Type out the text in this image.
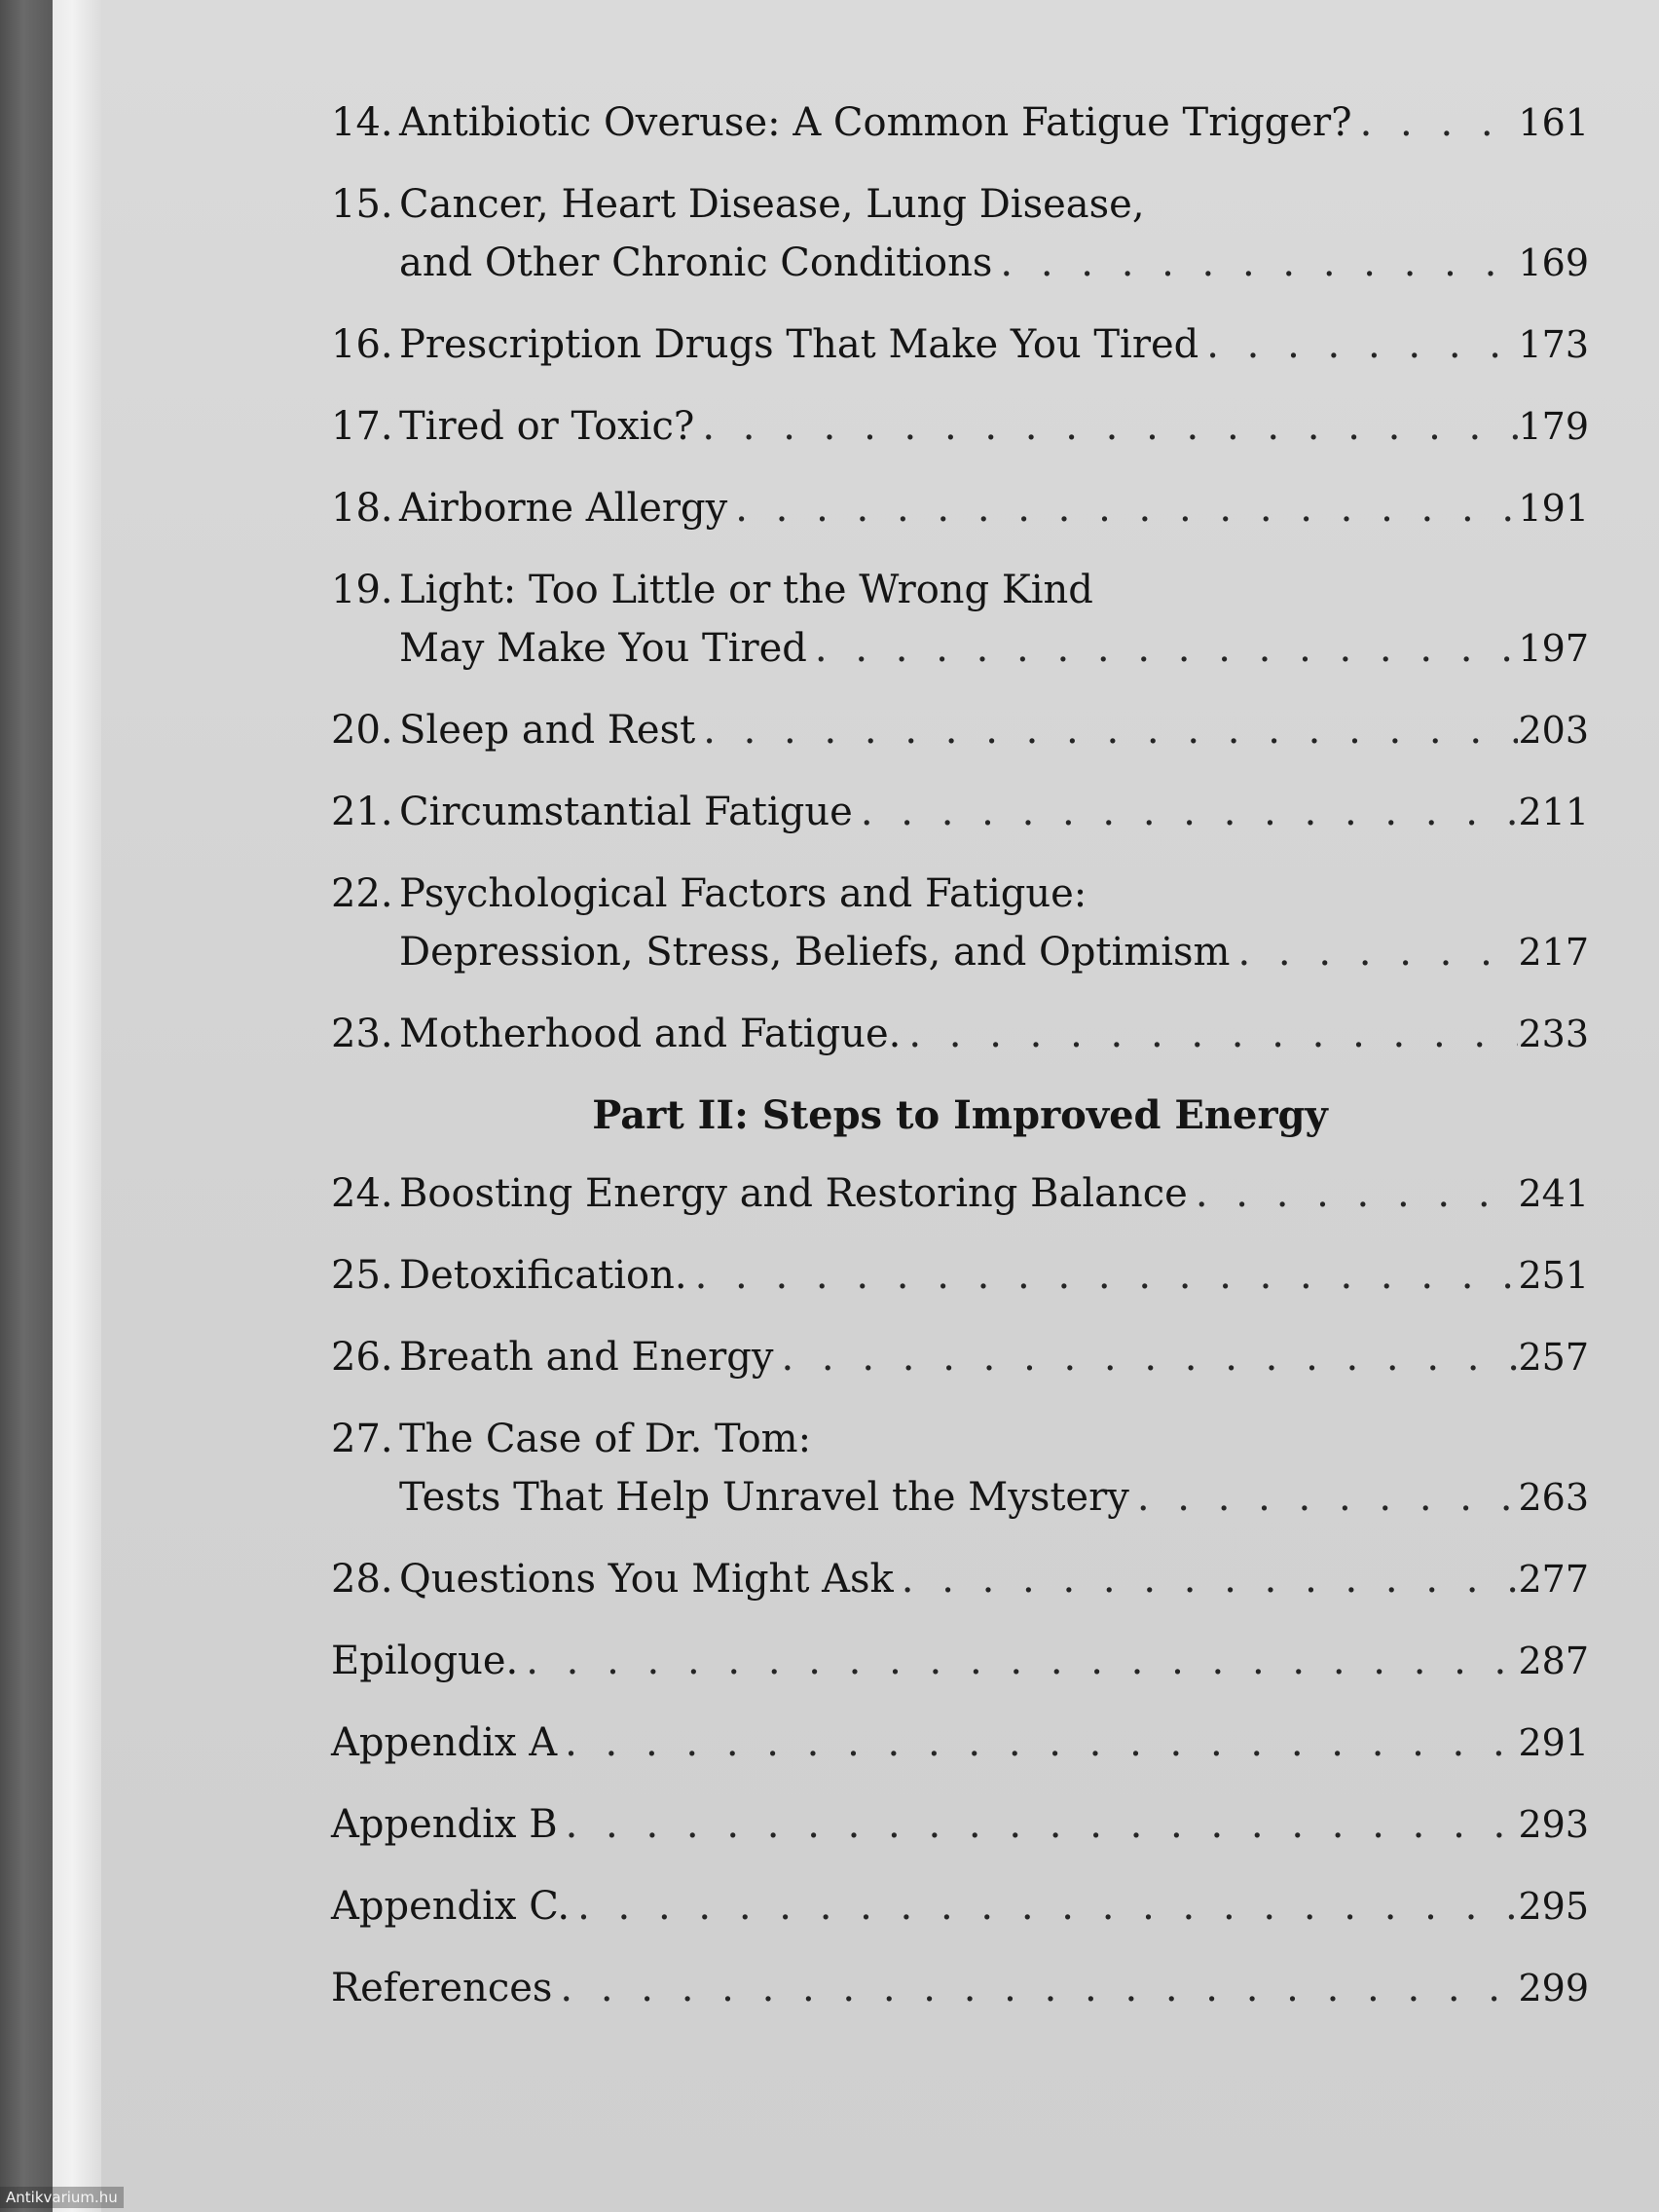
14. Antibiotic Overuse: A Common Fatigue Trigger? . . .	161
15. Cancer, Heart Disease, Lung Disease,
and Other Chronic Conditions . . .	169
16. Prescription Drugs That Make You Tired . . .	173
17. Tired or Toxic? . . .	179
18. Airborne Allergy . . .	191
19. Light: Too Little or the Wrong Kind
May Make You Tired . . .	197
20. Sleep and Rest . . .	203
21. Circumstantial Fatigue . . .	211
22. Psychological Factors and Fatigue:
Depression, Stress, Beliefs, and Optimism . . .	217
23. Motherhood and Fatigue. . . .	233
Part II: Steps to Improved Energy
24. Boosting Energy and Restoring Balance . . .	241
25. Detoxification. . . .	251
26. Breath and Energy . . .	257
27. The Case of Dr. Tom:
Tests That Help Unravel the Mystery . . .	263
28. Questions You Might Ask . . .	277
Epilogue. . . .	287
Appendix A . . .	291
Appendix B . . .	293
Appendix C. . . .	295
References . . .	299
Antikvarium.hu
